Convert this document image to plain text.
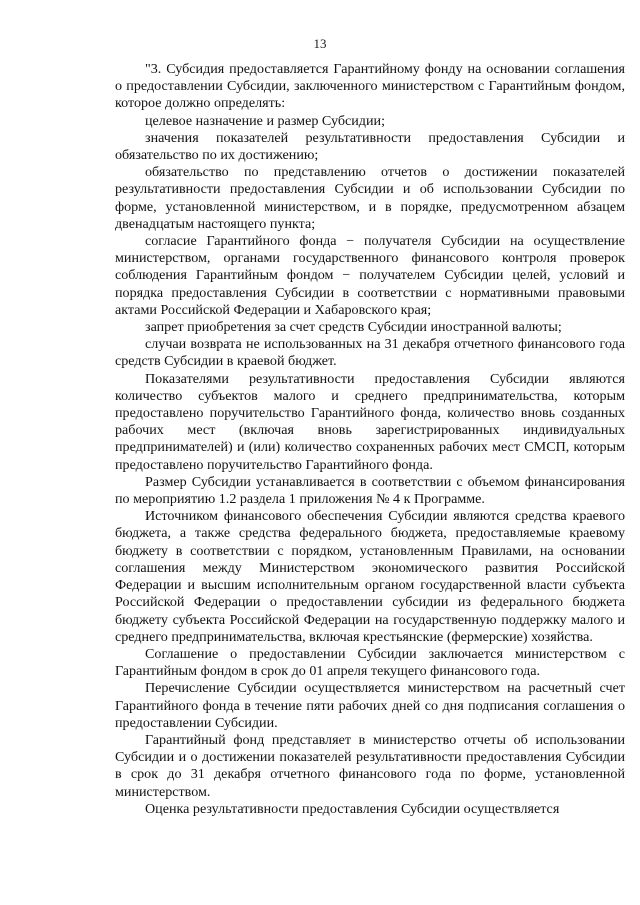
13

"3. Субсидия предоставляется Гарантийному фонду на основании соглашения о предоставлении Субсидии, заключенного министерством с Гарантийным фондом, которое должно определять:

целевое назначение и размер Субсидии;

значения показателей результативности предоставления Субсидии и обязательство по их достижению;

обязательство по представлению отчетов о достижении показателей результативности предоставления Субсидии и об использовании Субсидии по форме, установленной министерством, и в порядке, предусмотренном абзацем двенадцатым настоящего пункта;

согласие Гарантийного фонда − получателя Субсидии на осуществление министерством, органами государственного финансового контроля проверок соблюдения Гарантийным фондом − получателем Субсидии целей, условий и порядка предоставления Субсидии в соответствии с нормативными правовыми актами Российской Федерации и Хабаровского края;

запрет приобретения за счет средств Субсидии иностранной валюты;

случаи возврата не использованных на 31 декабря отчетного финансового года средств Субсидии в краевой бюджет.

Показателями результативности предоставления Субсидии являются количество субъектов малого и среднего предпринимательства, которым предоставлено поручительство Гарантийного фонда, количество вновь созданных рабочих мест (включая вновь зарегистрированных индивидуальных предпринимателей) и (или) количество сохраненных рабочих мест СМСП, которым предоставлено поручительство Гарантийного фонда.

Размер Субсидии устанавливается в соответствии с объемом финансирования по мероприятию 1.2 раздела 1 приложения № 4 к Программе.

Источником финансового обеспечения Субсидии являются средства краевого бюджета, а также средства федерального бюджета, предоставляемые краевому бюджету в соответствии с порядком, установленным Правилами, на основании соглашения между Министерством экономического развития Российской Федерации и высшим исполнительным органом государственной власти субъекта Российской Федерации о предоставлении субсидии из федерального бюджета бюджету субъекта Российской Федерации на государственную поддержку малого и среднего предпринимательства, включая крестьянские (фермерские) хозяйства.

Соглашение о предоставлении Субсидии заключается министерством с Гарантийным фондом в срок до 01 апреля текущего финансового года.

Перечисление Субсидии осуществляется министерством на расчетный счет Гарантийного фонда в течение пяти рабочих дней со дня подписания соглашения о предоставлении Субсидии.

Гарантийный фонд представляет в министерство отчеты об использовании Субсидии и о достижении показателей результативности предоставления Субсидии в срок до 31 декабря отчетного финансового года по форме, установленной министерством.

Оценка результативности предоставления Субсидии осуществляется
